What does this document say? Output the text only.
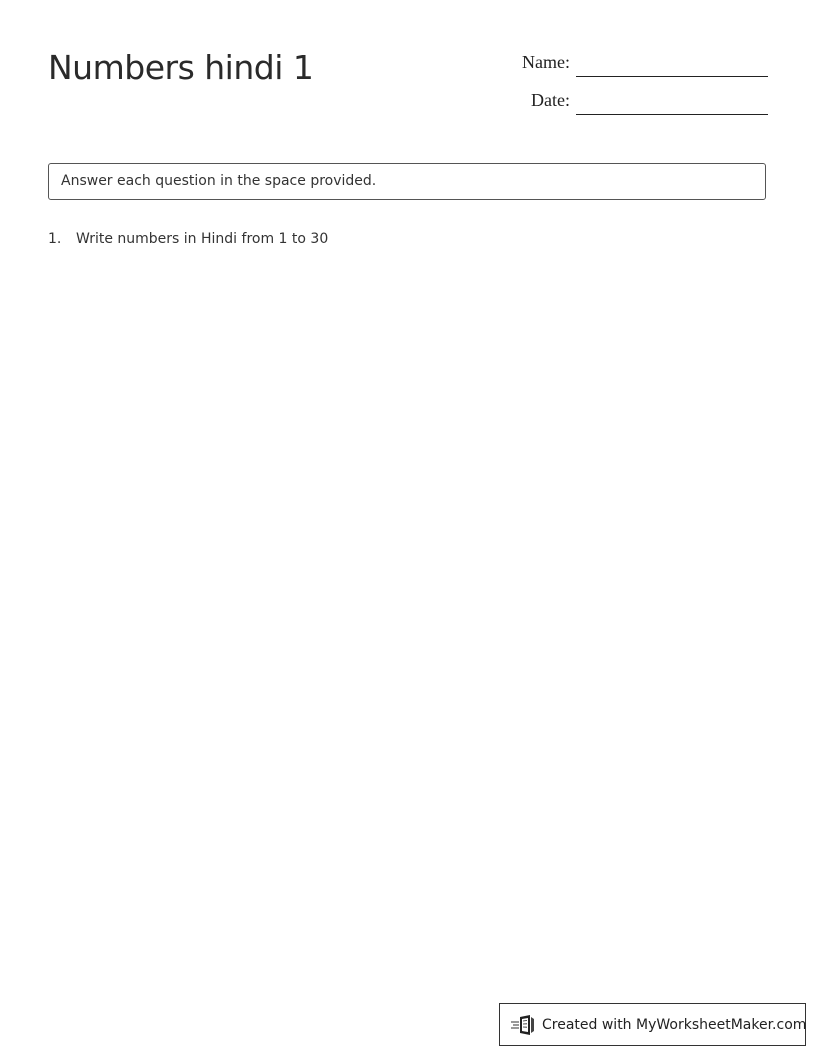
Numbers hindi 1	Name:
Date:
Answer each question in the space provided.
1. Write numbers in Hindi from 1 to 30
Created with MyWorksheetMaker.com
